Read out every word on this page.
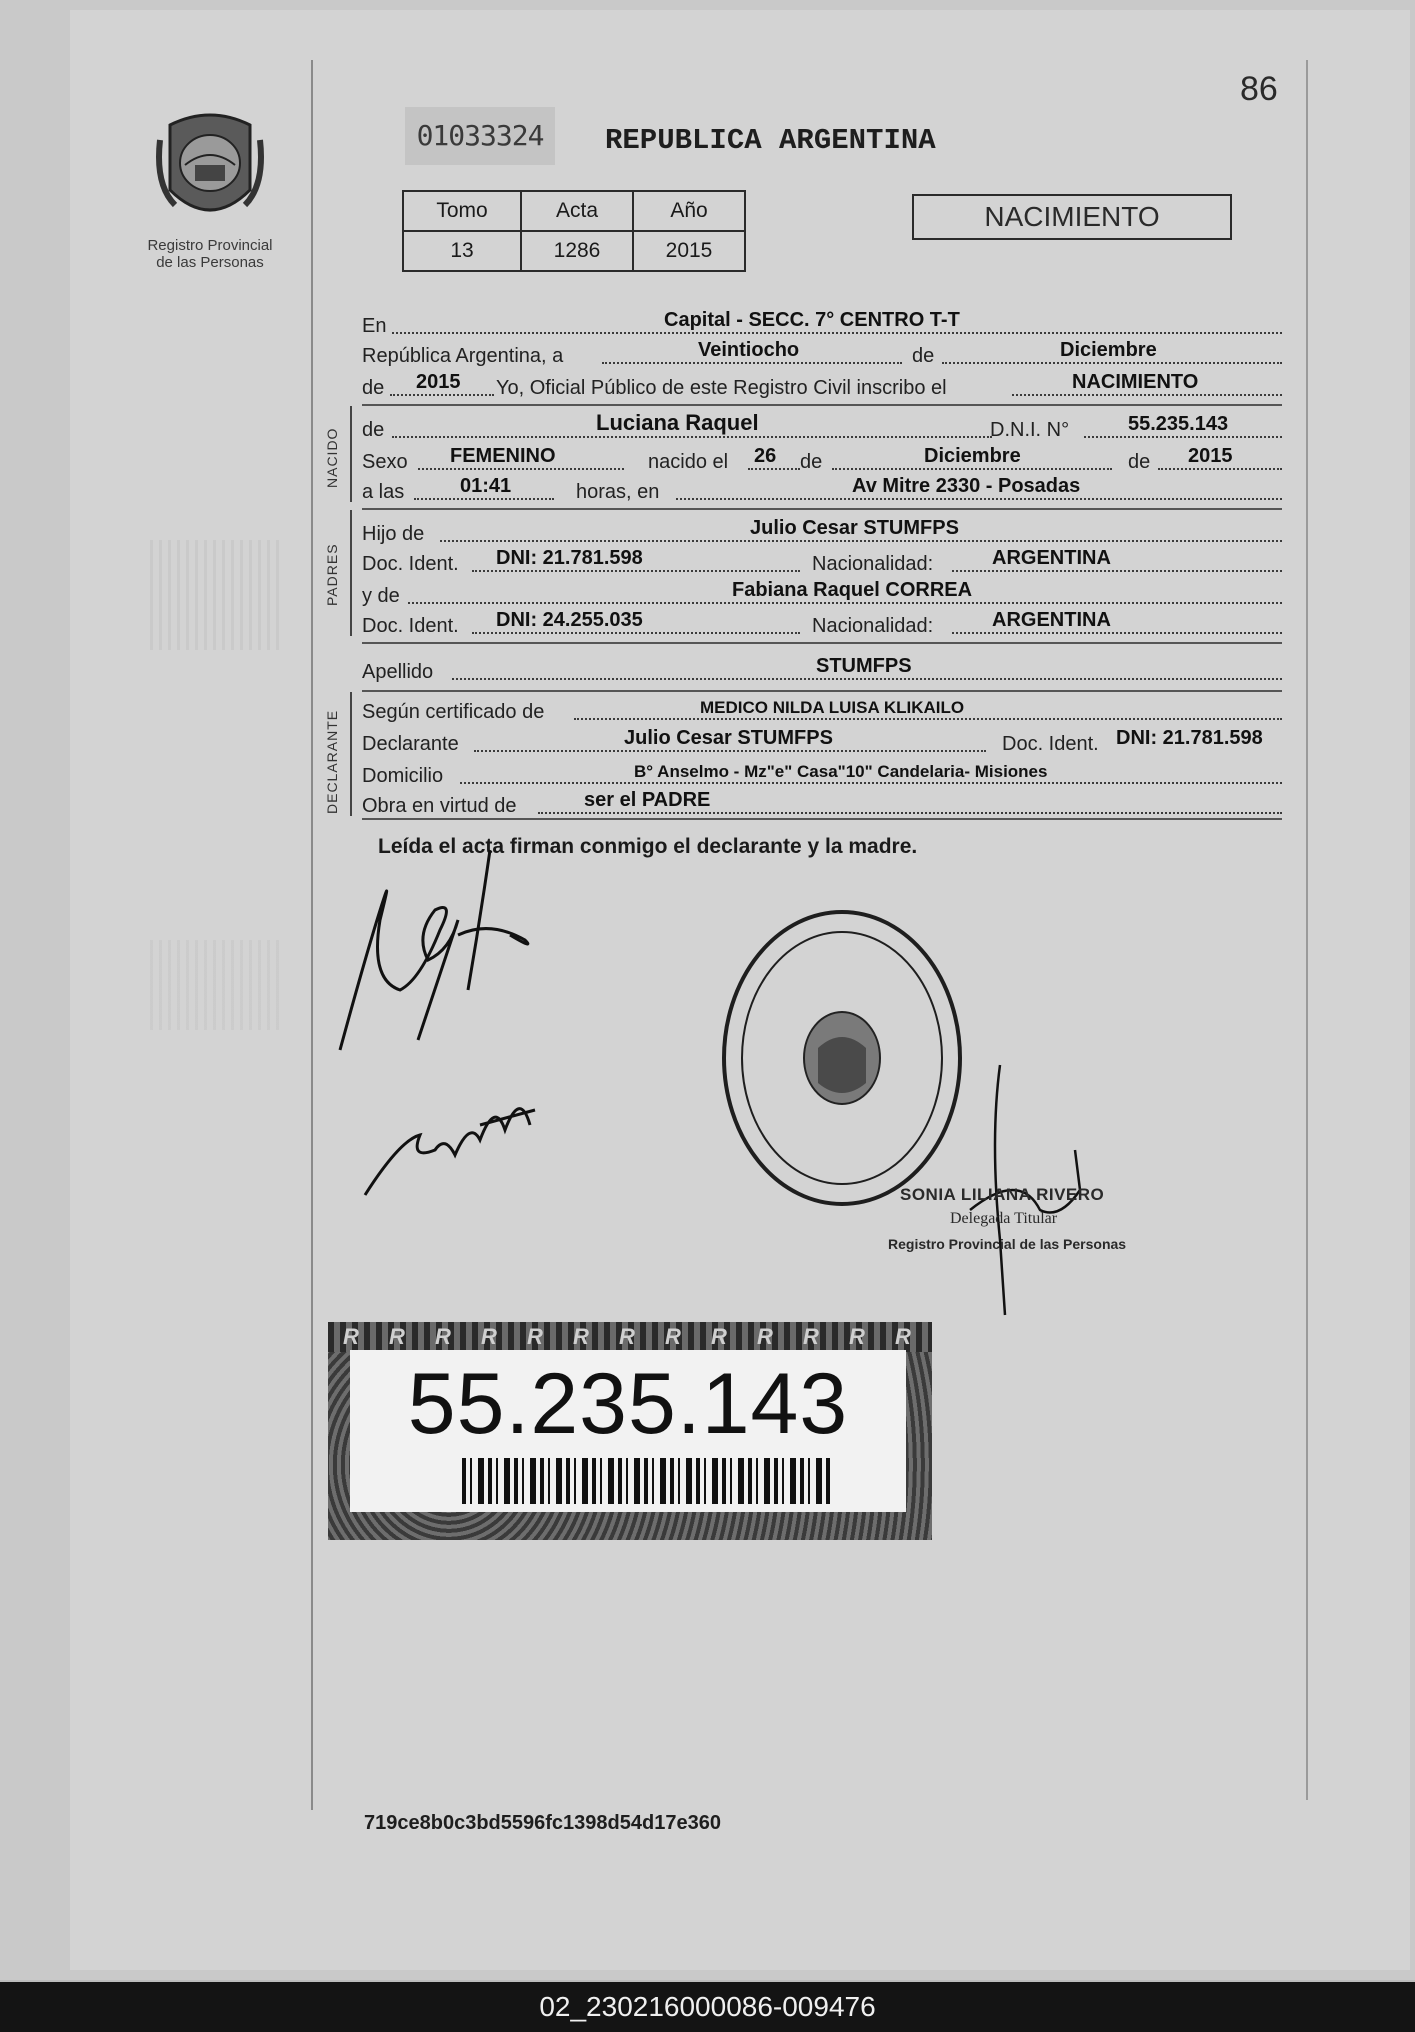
86
Registro Provincial
de las Personas
01033324	REPUBLICA ARGENTINA
Tomo	Acta	Año
13	1286	2015
NACIMIENTO
En	Capital - SECC. 7° CENTRO T-T
República Argentina, a	Veintiocho	de	Diciembre
de 2015 Yo, Oficial Público de este Registro Civil inscribo el	NACIMIENTO
NACIDO de	Luciana Raquel	D.N.I. N°	55.235.143
Sexo FEMENINO	nacido el 26 de	Diciembre	de 2015
a las	01:41	horas, en	Av Mitre 2330 - Posadas
PADRES
Hijo de	Julio Cesar STUMFPS
Doc. Ident. DNI: 21.781.598	Nacionalidad:	ARGENTINA
y de	Fabiana Raquel CORREA
Doc. Ident. DNI: 24.255.035	Nacionalidad:	ARGENTINA
Apellido	STUMFPS
DECLARANTE Según certificado de	MEDICO NILDA LUISA KLIKAILO
Declarante	Julio Cesar STUMFPS	Doc. Ident. DNI: 21.781.598
Domicilio	B° Anselmo - Mz"e" Casa"10" Candelaria- Misiones
Obra en virtud de	ser el PADRE
Leída el acta firman conmigo el declarante y la madre.
SONIA LILIANA RIVERO
Delegada Titular
Registro Provincial de las Personas
R R R R R R R R R R R R R
55.235.143
719ce8b0c3bd5596fc1398d54d17e360
02_230216000086-009476
